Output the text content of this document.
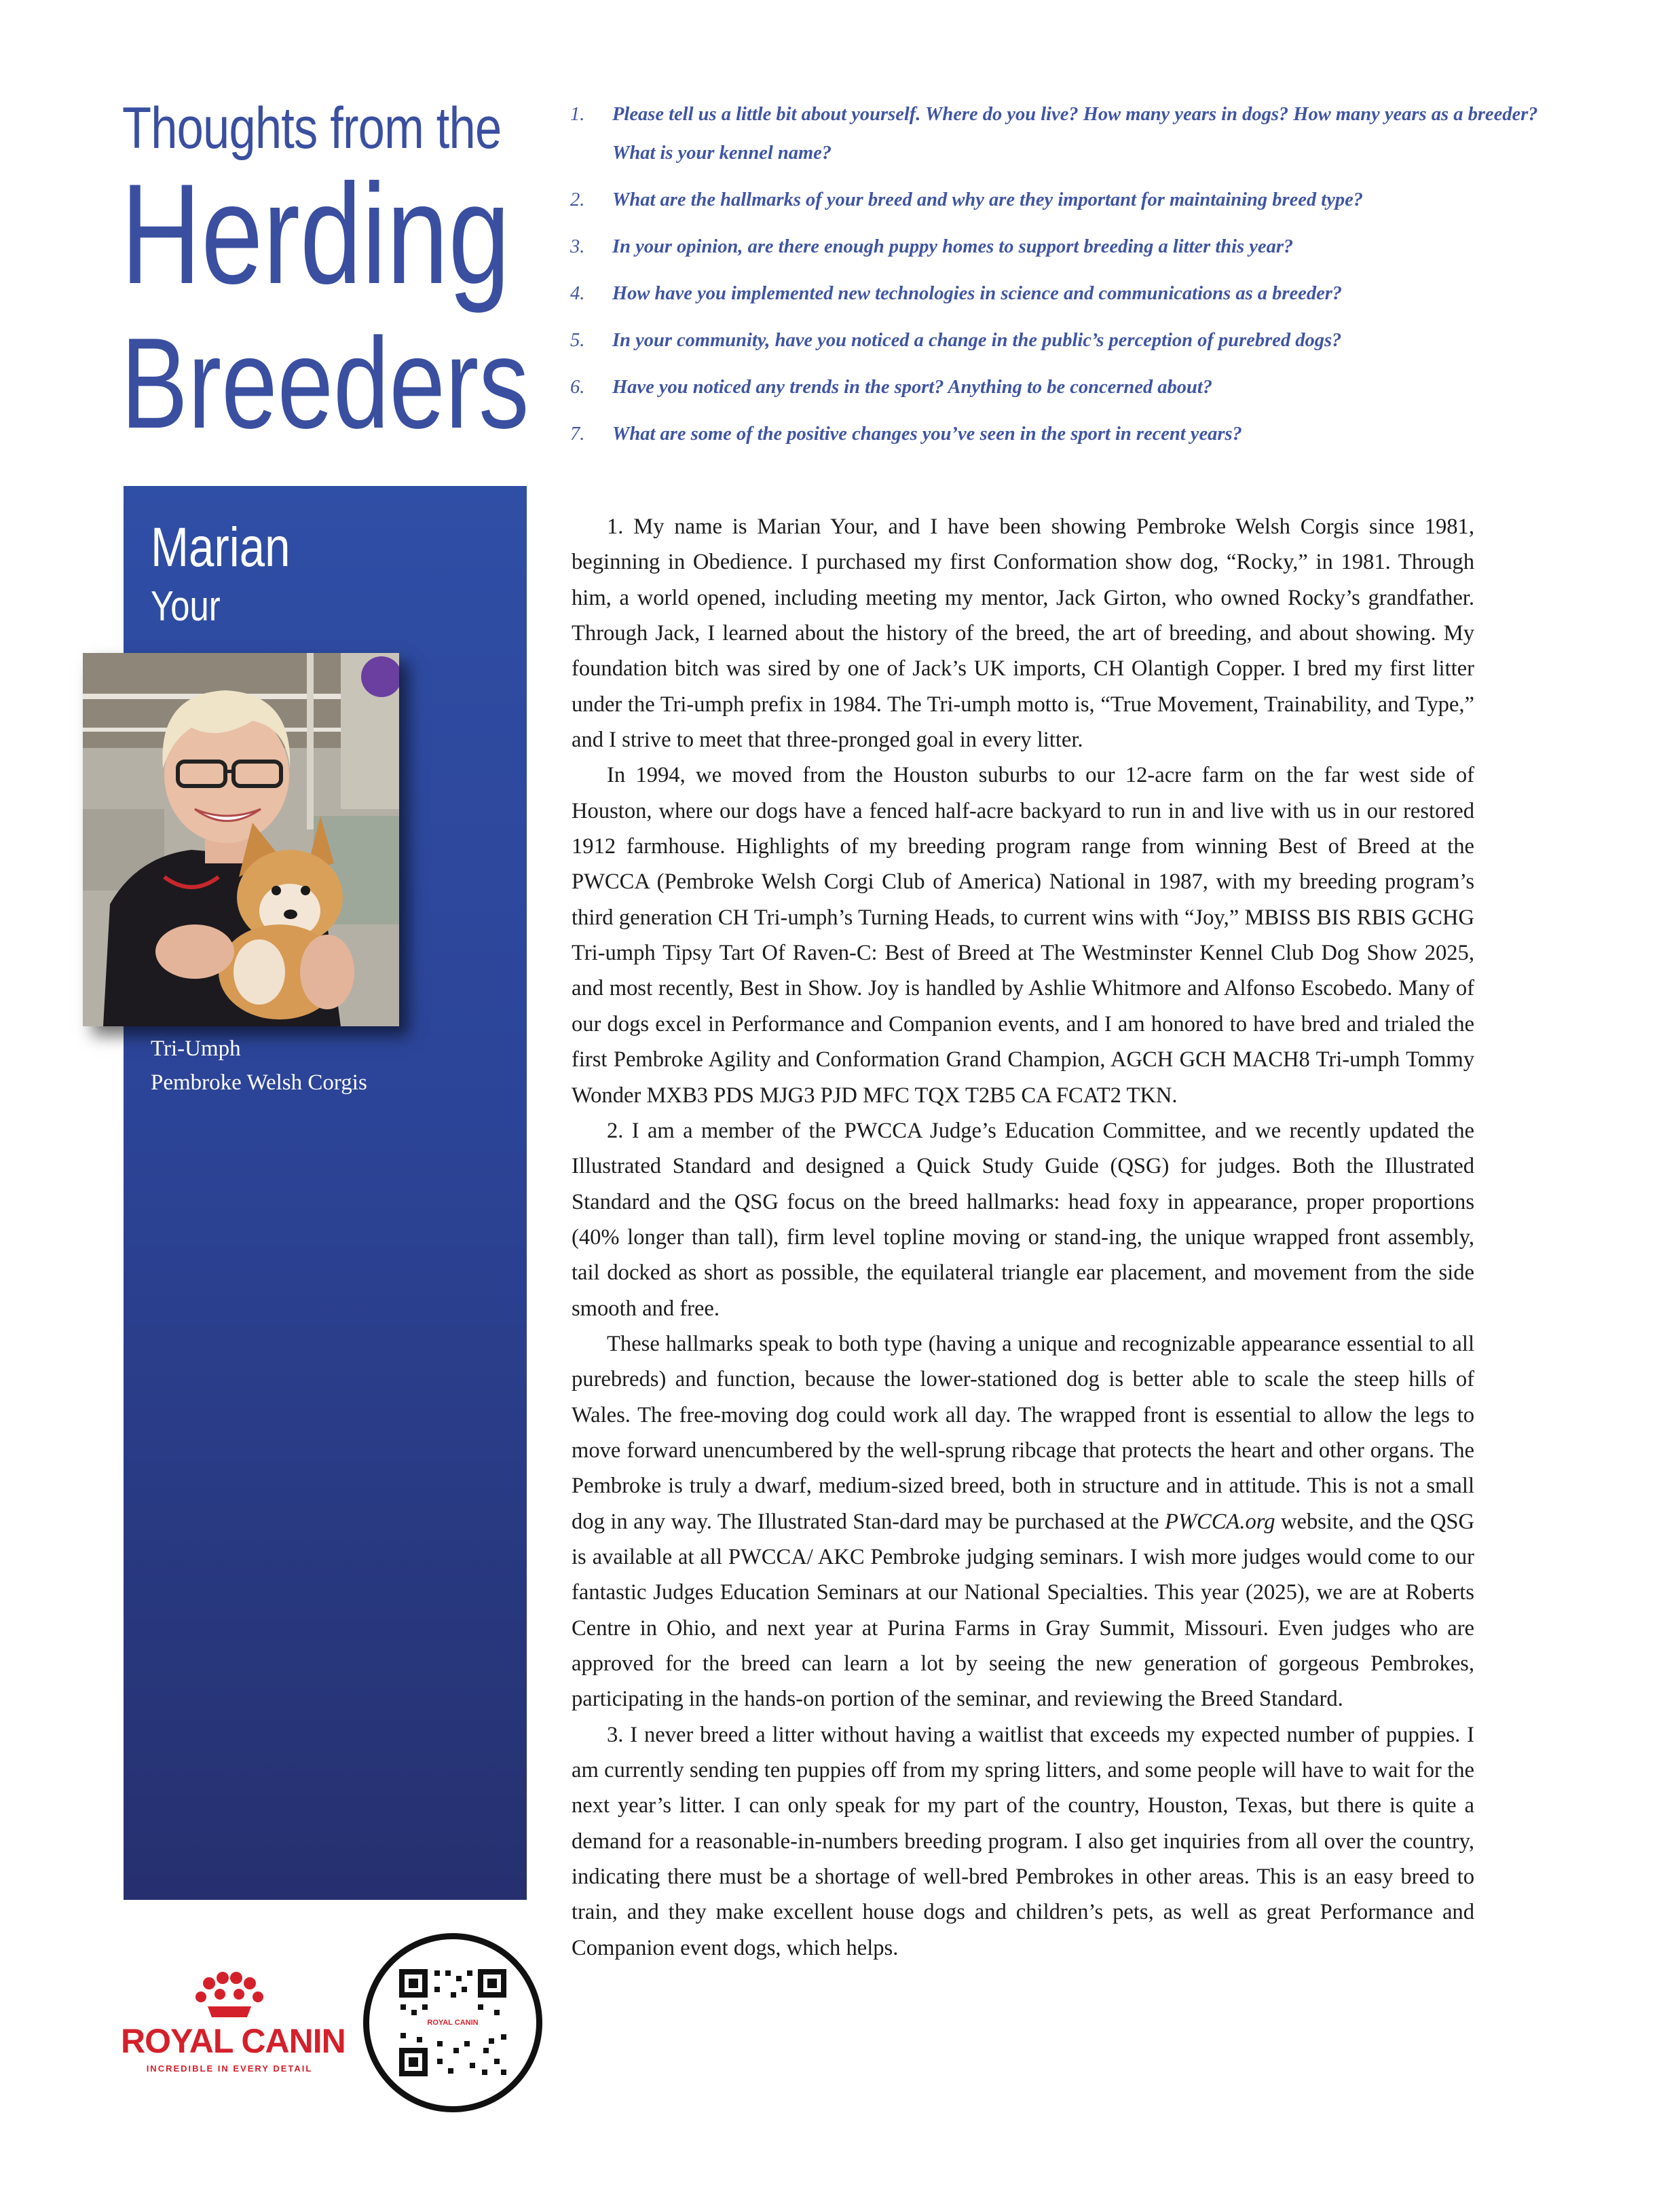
Thoughts from the
Herding
Breeders
1. Please tell us a little bit about yourself. Where do you live? How many years in dogs? How many years as a breeder? What is your kennel name?
2. What are the hallmarks of your breed and why are they important for maintaining breed type?
3. In your opinion, are there enough puppy homes to support breeding a litter this year?
4. How have you implemented new technologies in science and communications as a breeder?
5. In your community, have you noticed a change in the public’s perception of purebred dogs?
6. Have you noticed any trends in the sport? Anything to be concerned about?
7. What are some of the positive changes you’ve seen in the sport in recent years?
Marian
Your
Tri-Umph
Pembroke Welsh Corgis

1. My name is Marian Your, and I have been showing Pembroke Welsh Corgis since 1981, beginning in Obedience. I purchased my first Conformation show dog, “Rocky,” in 1981. Through him, a world opened, including meeting my mentor, Jack Girton, who owned Rocky’s grandfather. Through Jack, I learned about the history of the breed, the art of breeding, and about showing. My foundation bitch was sired by one of Jack’s UK imports, CH Olantigh Copper. I bred my first litter under the Tri-umph prefix in 1984. The Tri-umph motto is, “True Movement, Trainability, and Type,” and I strive to meet that three-pronged goal in every litter.

In 1994, we moved from the Houston suburbs to our 12-acre farm on the far west side of Houston, where our dogs have a fenced half-acre backyard to run in and live with us in our restored 1912 farmhouse. Highlights of my breeding program range from winning Best of Breed at the PWCCA (Pembroke Welsh Corgi Club of America) National in 1987, with my breeding program’s third generation CH Tri-umph’s Turning Heads, to current wins with “Joy,” MBISS BIS RBIS GCHG Tri-umph Tipsy Tart Of Raven-C: Best of Breed at The Westminster Kennel Club Dog Show 2025, and most recently, Best in Show. Joy is handled by Ashlie Whitmore and Alfonso Escobedo. Many of our dogs excel in Performance and Companion events, and I am honored to have bred and trialed the first Pembroke Agility and Conformation Grand Champion, AGCH GCH MACH8 Tri-umph Tommy Wonder MXB3 PDS MJG3 PJD MFC TQX T2B5 CA FCAT2 TKN.

2. I am a member of the PWCCA Judge’s Education Committee, and we recently updated the Illustrated Standard and designed a Quick Study Guide (QSG) for judges. Both the Illustrated Standard and the QSG focus on the breed hallmarks: head foxy in appearance, proper proportions (40% longer than tall), firm level topline moving or stand-ing, the unique wrapped front assembly, tail docked as short as possible, the equilateral triangle ear placement, and movement from the side smooth and free.

These hallmarks speak to both type (having a unique and recognizable appearance essential to all purebreds) and function, because the lower-stationed dog is better able to scale the steep hills of Wales. The free-moving dog could work all day. The wrapped front is essential to allow the legs to move forward unencumbered by the well-sprung ribcage that protects the heart and other organs. The Pembroke is truly a dwarf, medium-sized breed, both in structure and in attitude. This is not a small dog in any way. The Illustrated Stan-dard may be purchased at the PWCCA.org website, and the QSG is available at all PWCCA/ AKC Pembroke judging seminars. I wish more judges would come to our fantastic Judges Education Seminars at our National Specialties. This year (2025), we are at Roberts Centre in Ohio, and next year at Purina Farms in Gray Summit, Missouri. Even judges who are approved for the breed can learn a lot by seeing the new generation of gorgeous Pembrokes, participating in the hands-on portion of the seminar, and reviewing the Breed Standard.

3. I never breed a litter without having a waitlist that exceeds my expected number of puppies. I am currently sending ten puppies off from my spring litters, and some people will have to wait for the next year’s litter. I can only speak for my part of the country, Houston, Texas, but there is quite a demand for a reasonable-in-numbers breeding program. I also get inquiries from all over the country, indicating there must be a shortage of well-bred Pembrokes in other areas. This is an easy breed to train, and they make excellent house dogs and children’s pets, as well as great Performance and Companion event dogs, which helps.

ROYAL CANIN
INCREDIBLE IN EVERY DETAIL
ROYAL CANIN
